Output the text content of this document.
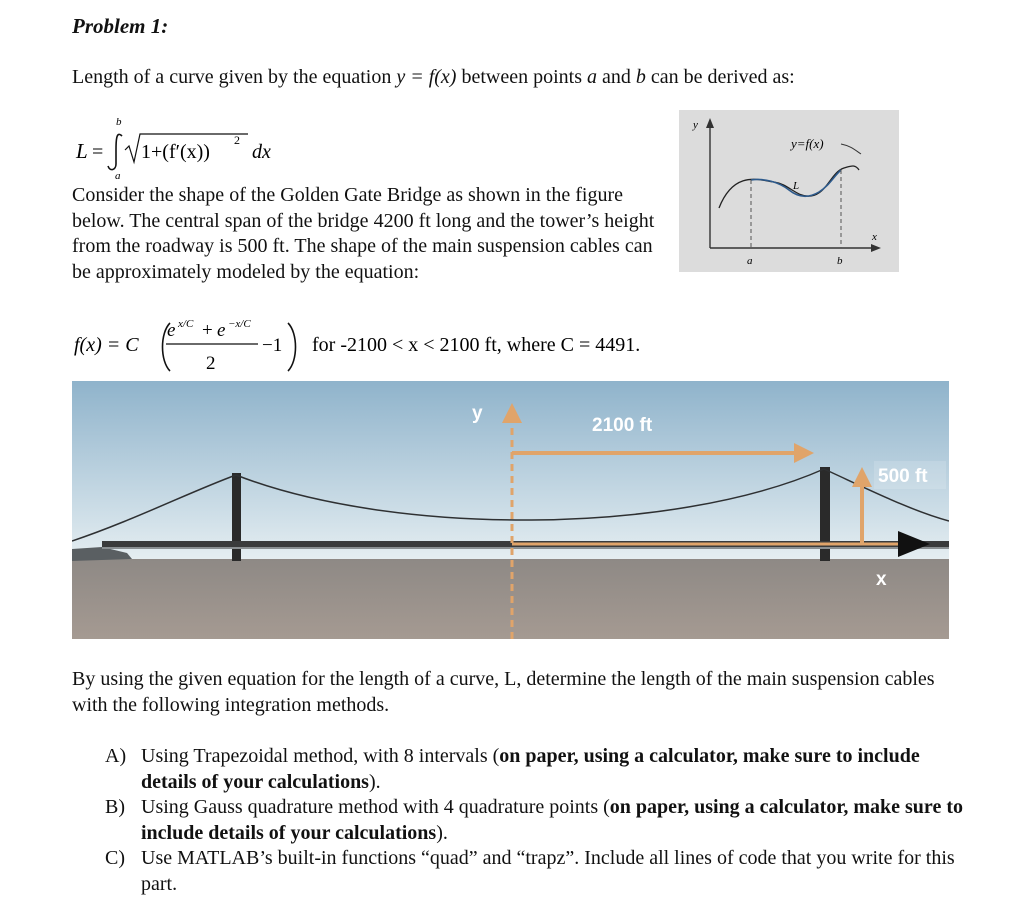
Problem 1:
Length of a curve given by the equation y = f(x) between points a and b can be derived as:
L =
b
a
1+(f′(x))
2
dx
y
x
a	b
y=f(x)
L
Consider the shape of the Golden Gate Bridge as shown in the figure below. The central span of the bridge 4200 ft long and the tower’s height from the roadway is 500 ft. The shape of the main suspension cables can be approximately modeled by the equation:
f(x) = C
e x/C + e −x/C
2
−1 for -2100 < x < 2100 ft, where C = 4491.
y
2100 ft
500 ft
x
By using the given equation for the length of a curve, L, determine the length of the main suspension cables with the following integration methods.
A) Using Trapezoidal method, with 8 intervals (on paper, using a calculator, make sure to include details of your calculations).
B) Using Gauss quadrature method with 4 quadrature points (on paper, using a calculator, make sure to include details of your calculations).
C) Use MATLAB’s built-in functions “quad” and “trapz”. Include all lines of code that you write for this part.
